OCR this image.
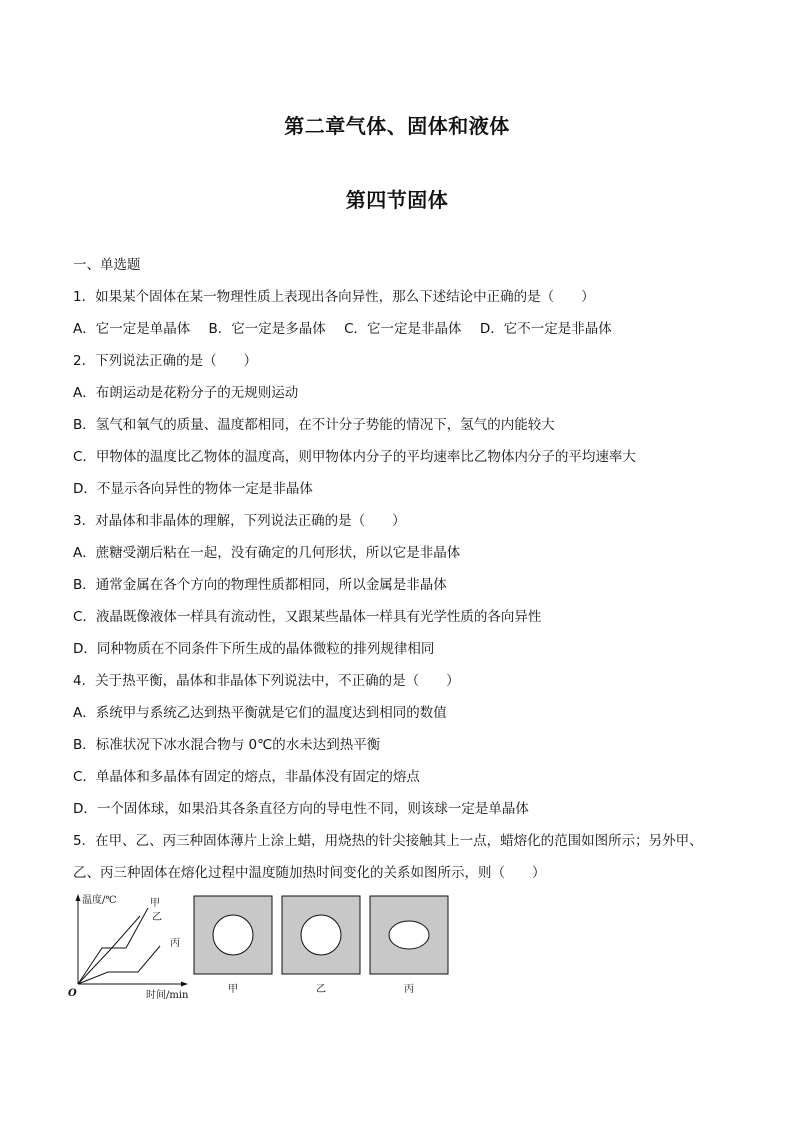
第二章气体、固体和液体
第四节固体
一、单选题
1．如果某个固体在某一物理性质上表现出各向异性，那么下述结论中正确的是（　　）
A．它一定是单晶体 B．它一定是多晶体 C．它一定是非晶体 D．它不一定是非晶体
2．下列说法正确的是（　　）
A．布朗运动是花粉分子的无规则运动
B．氢气和氧气的质量、温度都相同，在不计分子势能的情况下，氢气的内能较大
C．甲物体的温度比乙物体的温度高，则甲物体内分子的平均速率比乙物体内分子的平均速率大
D．不显示各向异性的物体一定是非晶体
3．对晶体和非晶体的理解，下列说法正确的是（　　）
A．蔗糖受潮后粘在一起，没有确定的几何形状，所以它是非晶体
B．通常金属在各个方向的物理性质都相同，所以金属是非晶体
C．液晶既像液体一样具有流动性，又跟某些晶体一样具有光学性质的各向异性
D．同种物质在不同条件下所生成的晶体微粒的排列规律相同
4．关于热平衡，晶体和非晶体下列说法中，不正确的是（　　）
A．系统甲与系统乙达到热平衡就是它们的温度达到相同的数值
B．标准状况下冰水混合物与 0℃的水未达到热平衡
C．单晶体和多晶体有固定的熔点，非晶体没有固定的熔点
D．一个固体球，如果沿其各条直径方向的导电性不同，则该球一定是单晶体
5．在甲、乙、丙三种固体薄片上涂上蜡，用烧热的针尖接触其上一点，蜡熔化的范围如图所示；另外甲、
乙、丙三种固体在熔化过程中温度随加热时间变化的关系如图所示，则（　　）
温度/℃
时间/min
O
甲
乙
丙
甲	乙	丙
